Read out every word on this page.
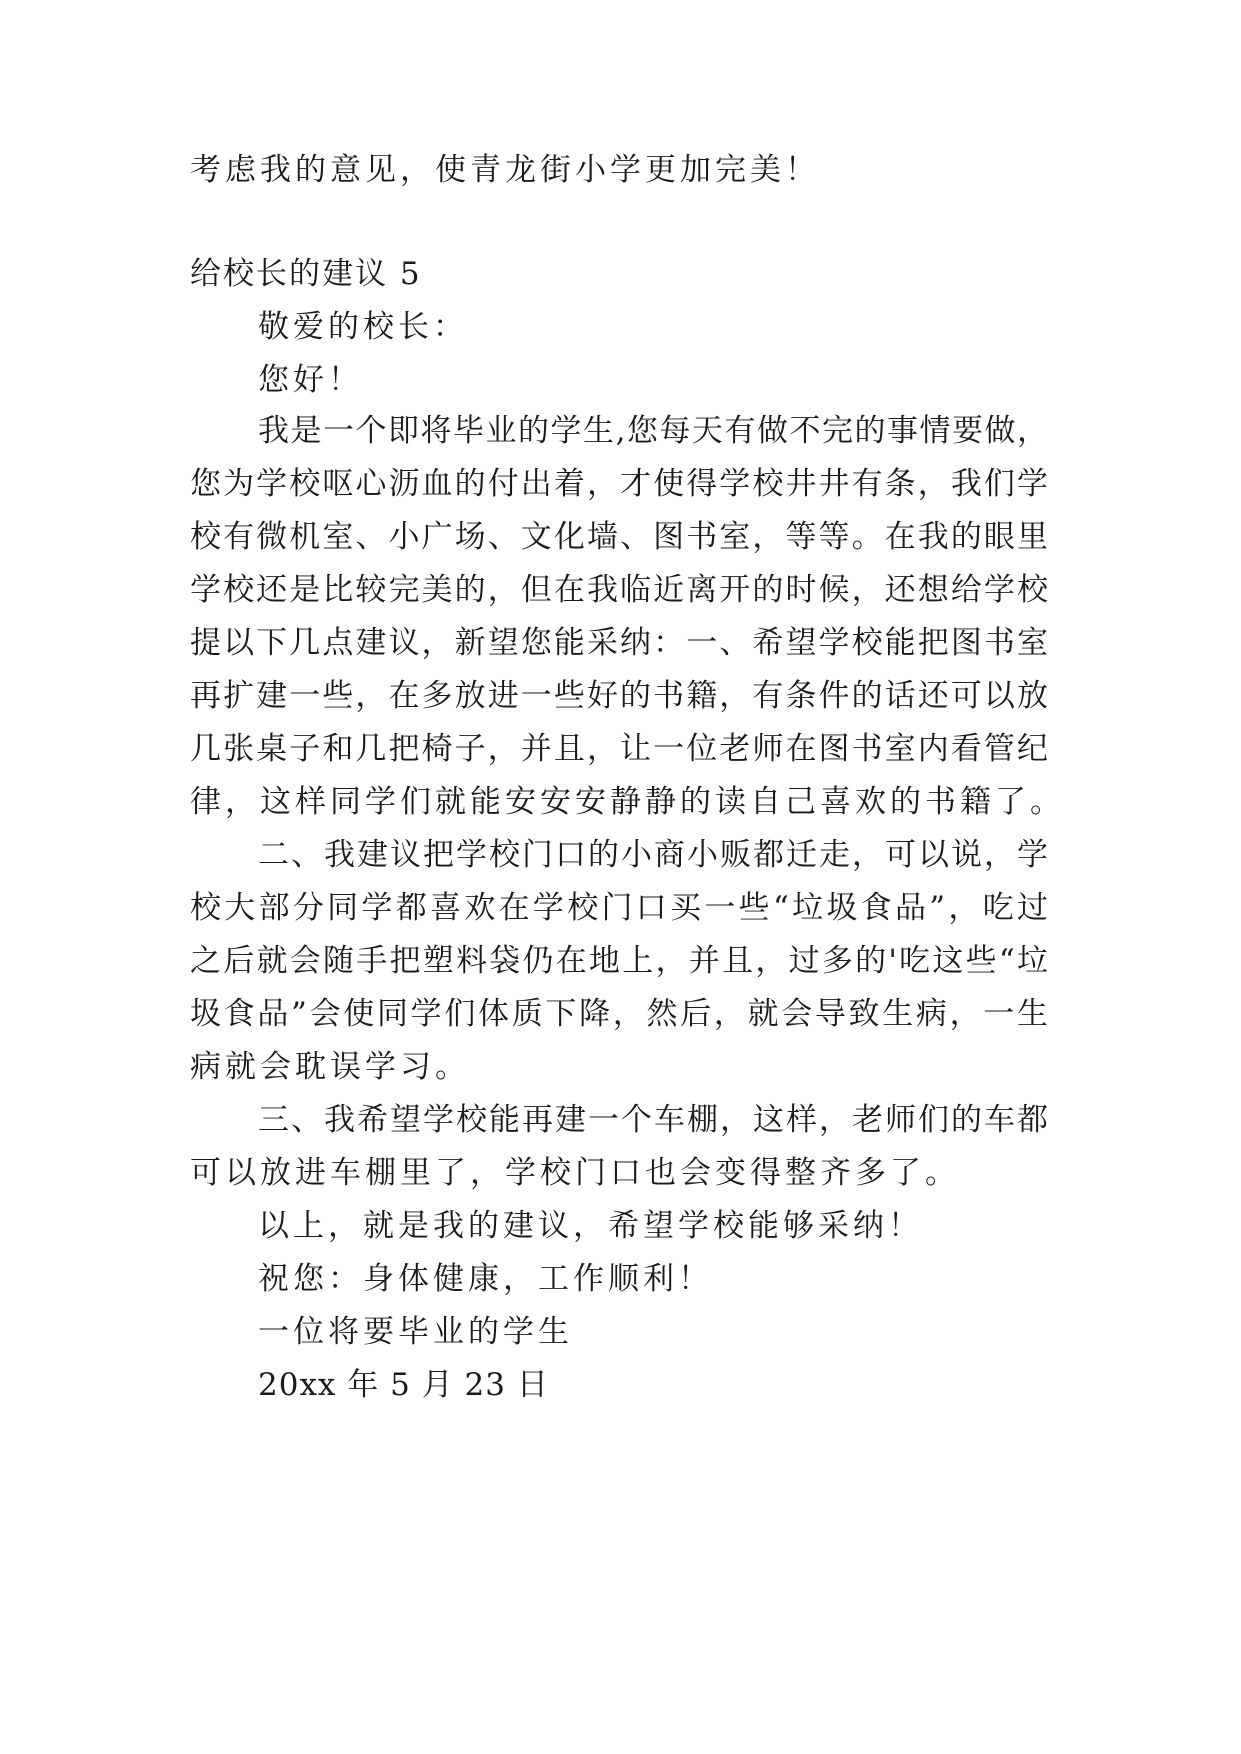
考虑我的意见，使青龙街小学更加完美！
给校长的建议 5
敬爱的校长：
您好！
我是一个即将毕业的学生,您每天有做不完的事情要做，
您为学校呕心沥血的付出着，才使得学校井井有条，我们学
校有微机室、小广场、文化墙、图书室，等等。在我的眼里
学校还是比较完美的，但在我临近离开的时候，还想给学校
提以下几点建议，新望您能采纳：一、希望学校能把图书室
再扩建一些，在多放进一些好的书籍，有条件的话还可以放
几张桌子和几把椅子，并且，让一位老师在图书室内看管纪
律，这样同学们就能安安安静静的读自己喜欢的书籍了。
二、我建议把学校门口的小商小贩都迁走，可以说，学
校大部分同学都喜欢在学校门口买一些“垃圾食品”，吃过
之后就会随手把塑料袋仍在地上，并且，过多的'吃这些“垃
圾食品”会使同学们体质下降，然后，就会导致生病，一生
病就会耽误学习。
三、我希望学校能再建一个车棚，这样，老师们的车都
可以放进车棚里了，学校门口也会变得整齐多了。
以上，就是我的建议，希望学校能够采纳！
祝您：身体健康，工作顺利！
一位将要毕业的学生
20xx 年 5 月 23 日
